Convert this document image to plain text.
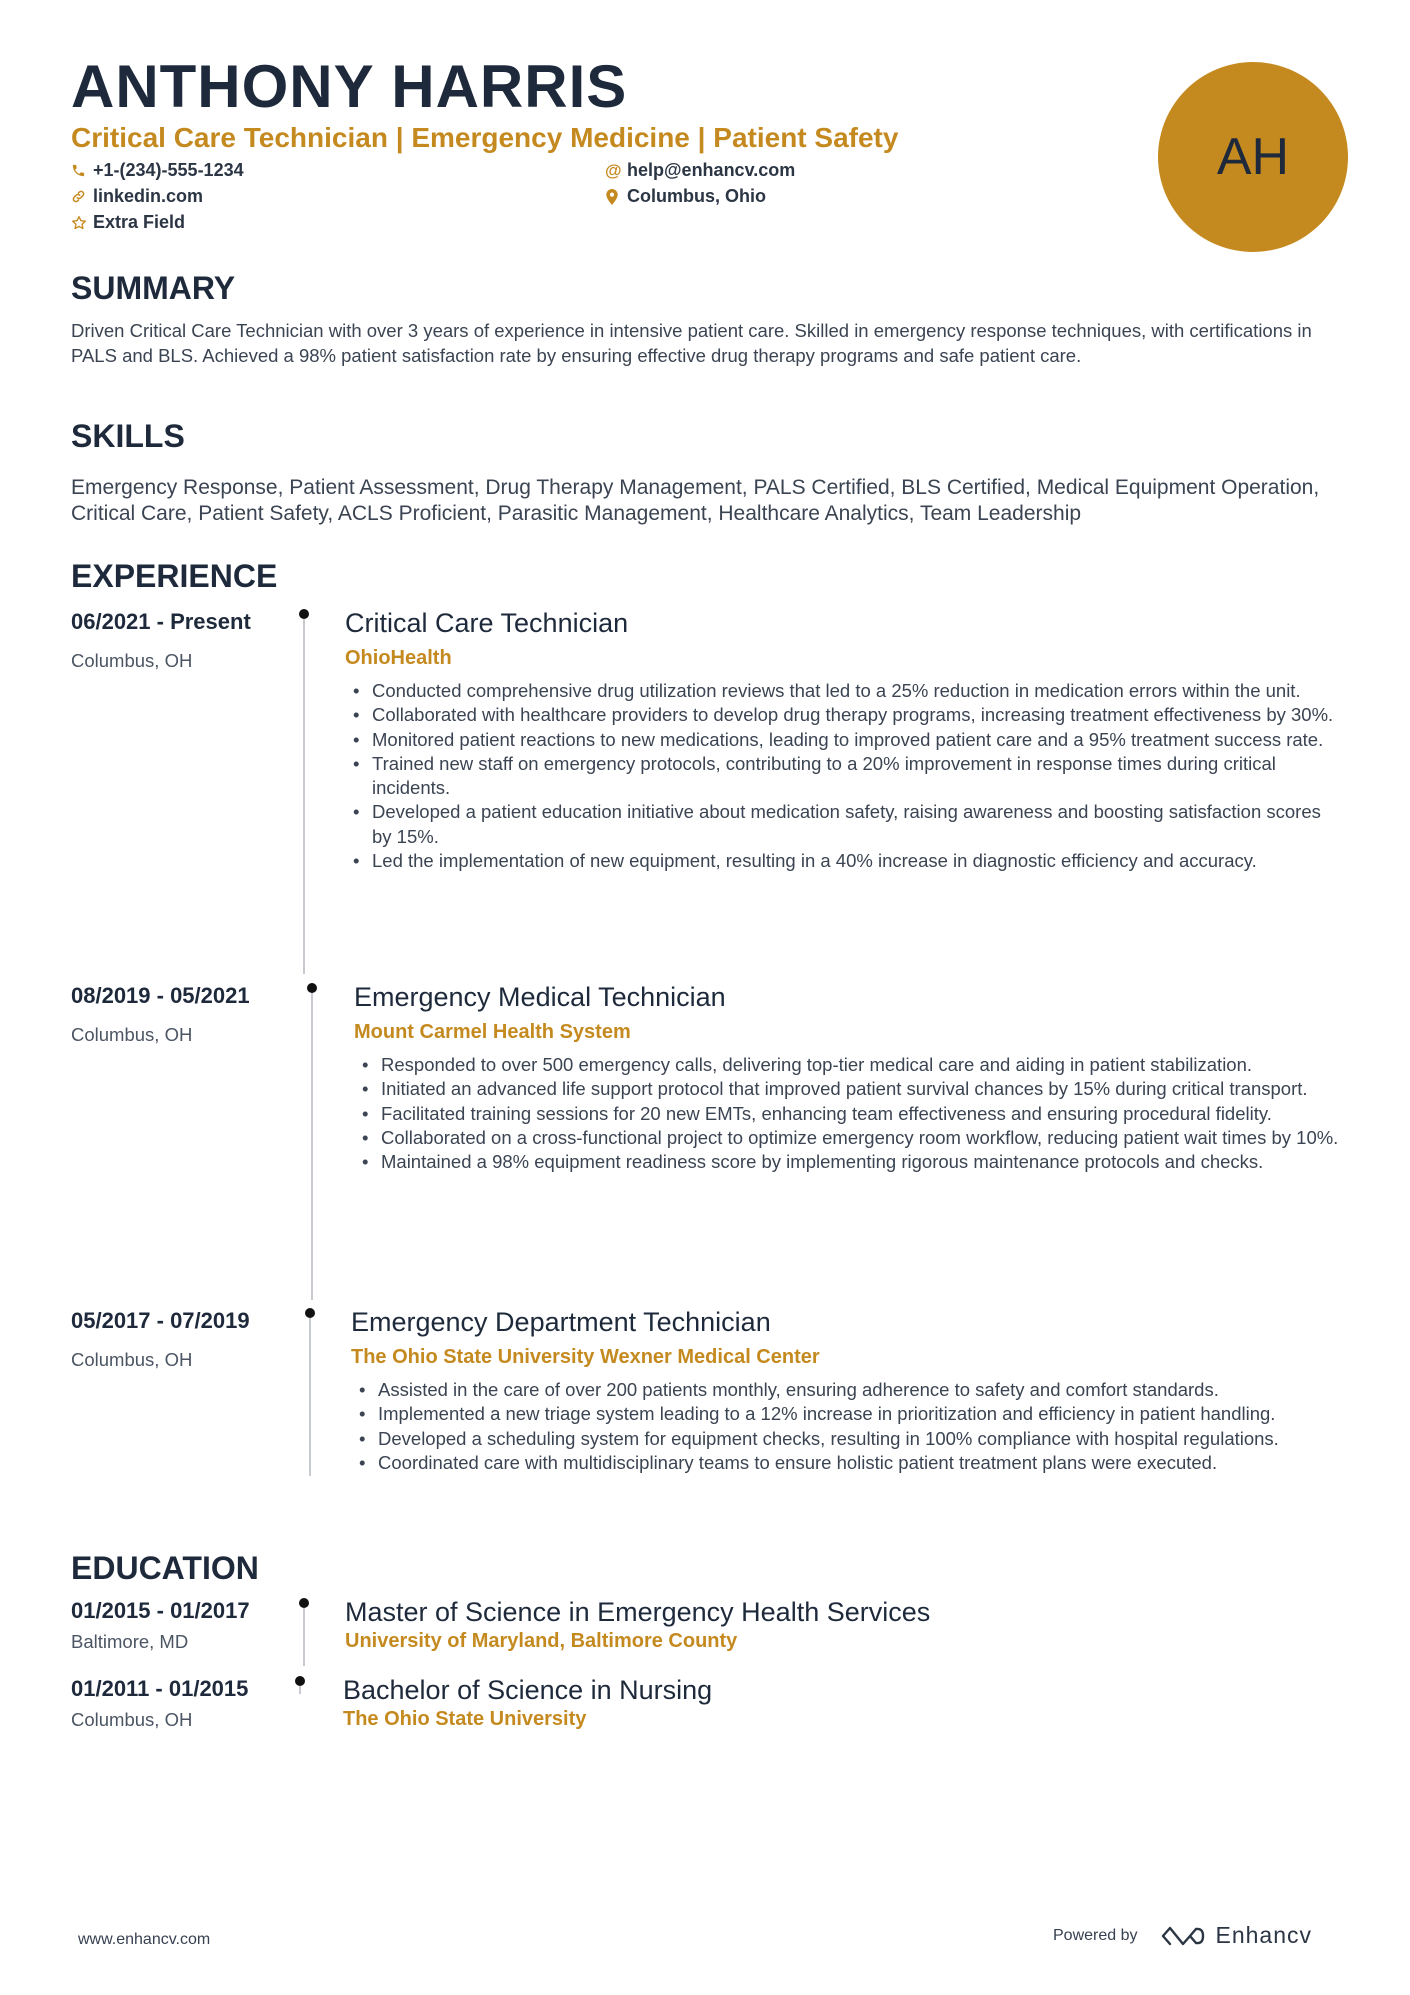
ANTHONY HARRIS
Critical Care Technician | Emergency Medicine | Patient Safety
+1-(234)-555-1234	@ help@enhancv.com
linkedin.com	Columbus, Ohio
Extra Field
AH
SUMMARY

Driven Critical Care Technician with over 3 years of experience in intensive patient care. Skilled in emergency response techniques, with certifications in PALS and BLS. Achieved a 98% patient satisfaction rate by ensuring effective drug therapy programs and safe patient care.

SKILLS

Emergency Response, Patient Assessment, Drug Therapy Management, PALS Certified, BLS Certified, Medical Equipment Operation, Critical Care, Patient Safety, ACLS Proficient, Parasitic Management, Healthcare Analytics, Team Leadership

EXPERIENCE
06/2021 - Present
Columbus, OH
Critical Care Technician
OhioHealth
• Conducted comprehensive drug utilization reviews that led to a 25% reduction in medication errors within the unit.
• Collaborated with healthcare providers to develop drug therapy programs, increasing treatment effectiveness by 30%.
• Monitored patient reactions to new medications, leading to improved patient care and a 95% treatment success rate.
• Trained new staff on emergency protocols, contributing to a 20% improvement in response times during critical incidents.
• Developed a patient education initiative about medication safety, raising awareness and boosting satisfaction scores by 15%.
• Led the implementation of new equipment, resulting in a 40% increase in diagnostic efficiency and accuracy.
08/2019 - 05/2021
Columbus, OH
Emergency Medical Technician
Mount Carmel Health System
• Responded to over 500 emergency calls, delivering top-tier medical care and aiding in patient stabilization.
• Initiated an advanced life support protocol that improved patient survival chances by 15% during critical transport.
• Facilitated training sessions for 20 new EMTs, enhancing team effectiveness and ensuring procedural fidelity.
• Collaborated on a cross-functional project to optimize emergency room workflow, reducing patient wait times by 10%.
• Maintained a 98% equipment readiness score by implementing rigorous maintenance protocols and checks.
05/2017 - 07/2019
Columbus, OH
Emergency Department Technician
The Ohio State University Wexner Medical Center
• Assisted in the care of over 200 patients monthly, ensuring adherence to safety and comfort standards.
• Implemented a new triage system leading to a 12% increase in prioritization and efficiency in patient handling.
• Developed a scheduling system for equipment checks, resulting in 100% compliance with hospital regulations.
• Coordinated care with multidisciplinary teams to ensure holistic patient treatment plans were executed.
EDUCATION
01/2015 - 01/2017
Baltimore, MD
Master of Science in Emergency Health Services
University of Maryland, Baltimore County
01/2011 - 01/2015
Columbus, OH
Bachelor of Science in Nursing
The Ohio State University
www.enhancv.com	Powered by	Enhancv
